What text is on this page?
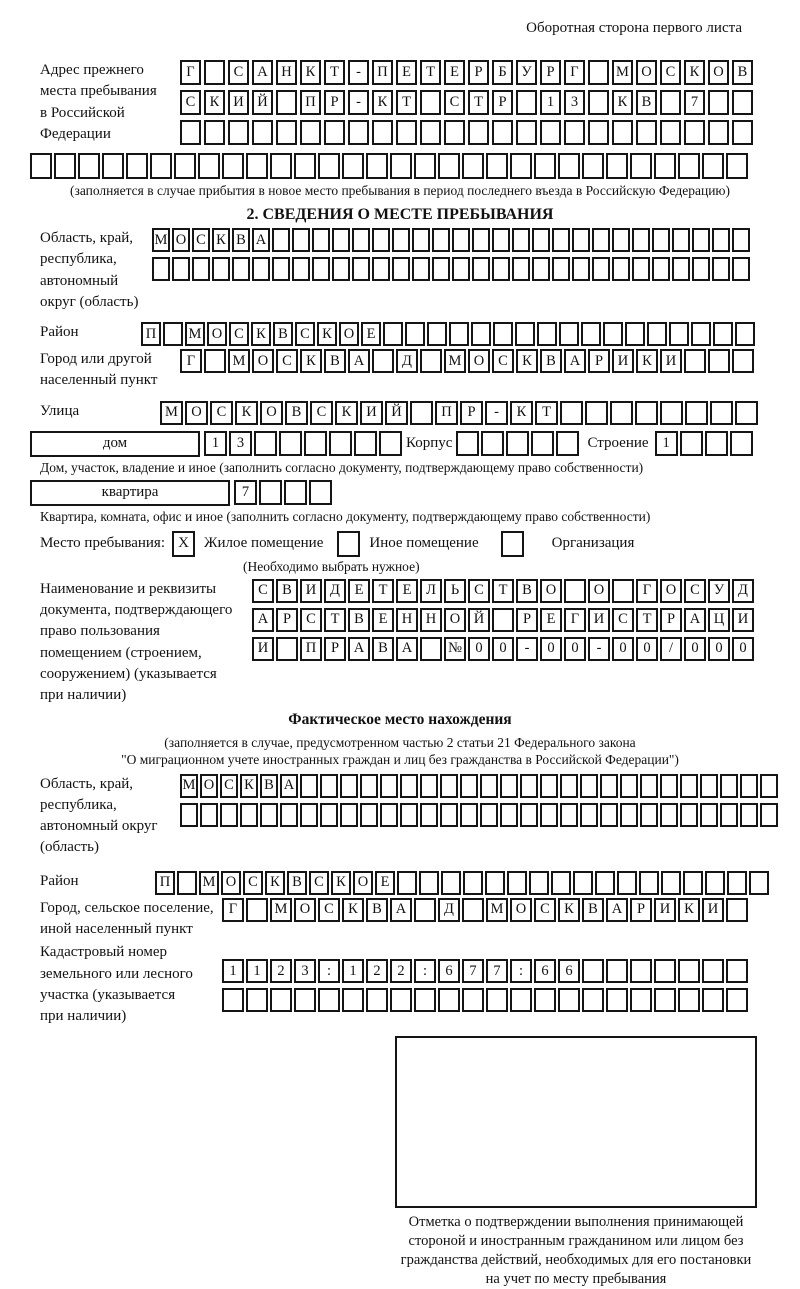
Оборотная сторона первого листа
Адрес прежнего
места пребывания
в Российской
Федерации
Г	С А Н К	Т	-	П Е	Т	Е	Р	Б	У	Р	Г	М О С К О В
С К И Й	П	Р	-	К	Т	С	Т	Р	1	3	К В	7
(заполняется в случае прибытия в новое место пребывания в период последнего въезда в Российскую Федерацию)
2. СВЕДЕНИЯ О МЕСТЕ ПРЕБЫВАНИЯ
Область, край,
республика,
автономный
округ (область)
М О С К В А
Район	П	М О С К В С К О Е
Город или другой
населенный пункт
Г	М О С К В А	Д	М О С К В А	Р	И К И
Улица	М О	С	К	О	В	С	К	И	Й	П	Р	-	К	Т
дом	1	3	Корпус	Строение 1
Дом, участок, владение и иное (заполнить согласно документу, подтверждающему право собственности)
квартира	7
Квартира, комната, офис и иное (заполнить согласно документу, подтверждающему право собственности)
Место пребывания: X	Жилое помещение	Иное помещение	Организация
(Необходимо выбрать нужное)
Наименование и реквизиты
документа, подтверждающего
право пользования
помещением (строением,
сооружением) (указывается
при наличии)
С В И Д	Е	Т	Е	Л	Ь	С	Т	В О	О	Г	О С У Д
А	Р	С	Т	В	Е Н Н О Й	Р	Е	Г	И С	Т	Р	А Ц И
И	П	Р	А В А	№ 0	0	-	0	0	-	0	0	/	0	0	0
Фактическое место нахождения
(заполняется в случае, предусмотренном частью 2 статьи 21 Федерального закона
"О миграционном учете иностранных граждан и лиц без гражданства в Российской Федерации")
Область, край,
республика,
автономный округ
(область)
М О С К В А
Район	П	М О С К В С К О Е
Город, сельское поселение,
иной населенный пункт
Г	М О С К В А	Д	М О С К В А	Р	И К И
Кадастровый номер
земельного или лесного
участка (указывается
при наличии)
1	1	2	3	:	1	2	2	:	6	7	7	:	6	6
Отметка о подтверждении выполнения принимающей
стороной и иностранным гражданином или лицом без
гражданства действий, необходимых для его постановки
на учет по месту пребывания
